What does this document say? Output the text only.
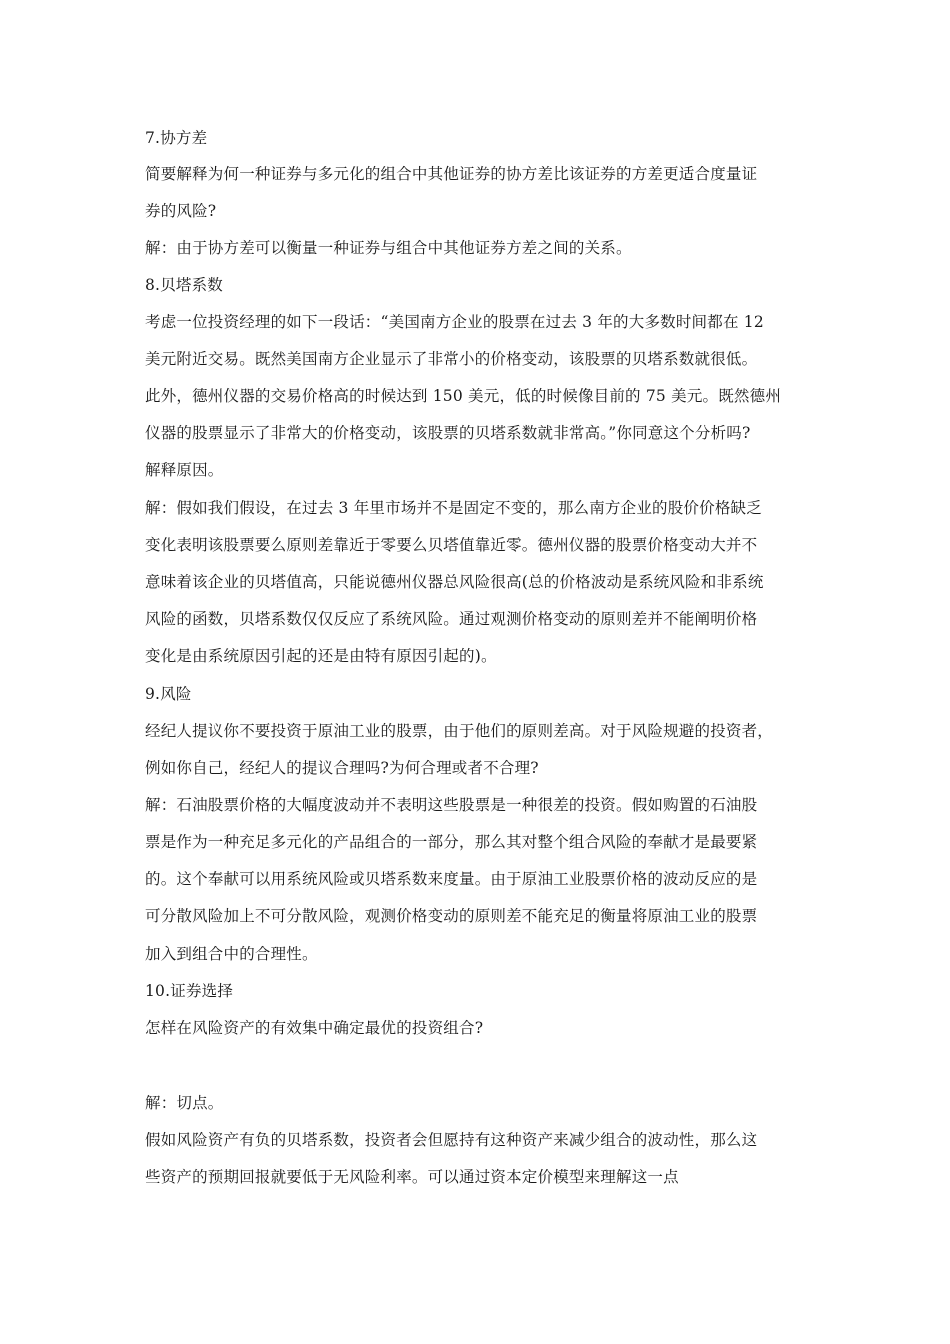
7.协方差
简要解释为何一种证券与多元化的组合中其他证券的协方差比该证券的方差更适合度量证
券的风险?
解：由于协方差可以衡量一种证券与组合中其他证券方差之间的关系。
8.贝塔系数
考虑一位投资经理的如下一段话：“美国南方企业的股票在过去 3 年的大多数时间都在 12
美元附近交易。既然美国南方企业显示了非常小的价格变动，该股票的贝塔系数就很低。
此外，德州仪器的交易价格高的时候达到 150 美元，低的时候像目前的 75 美元。既然德州
仪器的股票显示了非常大的价格变动，该股票的贝塔系数就非常高。”你同意这个分析吗?
解释原因。
解：假如我们假设，在过去 3 年里市场并不是固定不变的，那么南方企业的股价价格缺乏
变化表明该股票要么原则差靠近于零要么贝塔值靠近零。德州仪器的股票价格变动大并不
意味着该企业的贝塔值高，只能说德州仪器总风险很高(总的价格波动是系统风险和非系统
风险的函数，贝塔系数仅仅反应了系统风险。通过观测价格变动的原则差并不能阐明价格
变化是由系统原因引起的还是由特有原因引起的)。
9.风险
经纪人提议你不要投资于原油工业的股票，由于他们的原则差高。对于风险规避的投资者，
例如你自己，经纪人的提议合理吗?为何合理或者不合理?
解：石油股票价格的大幅度波动并不表明这些股票是一种很差的投资。假如购置的石油股
票是作为一种充足多元化的产品组合的一部分，那么其对整个组合风险的奉献才是最要紧
的。这个奉献可以用系统风险或贝塔系数来度量。由于原油工业股票价格的波动反应的是
可分散风险加上不可分散风险，观测价格变动的原则差不能充足的衡量将原油工业的股票
加入到组合中的合理性。
10.证券选择
怎样在风险资产的有效集中确定最优的投资组合?
解：切点。
假如风险资产有负的贝塔系数，投资者会但愿持有这种资产来减少组合的波动性，那么这
些资产的预期回报就要低于无风险利率。可以通过资本定价模型来理解这一点
